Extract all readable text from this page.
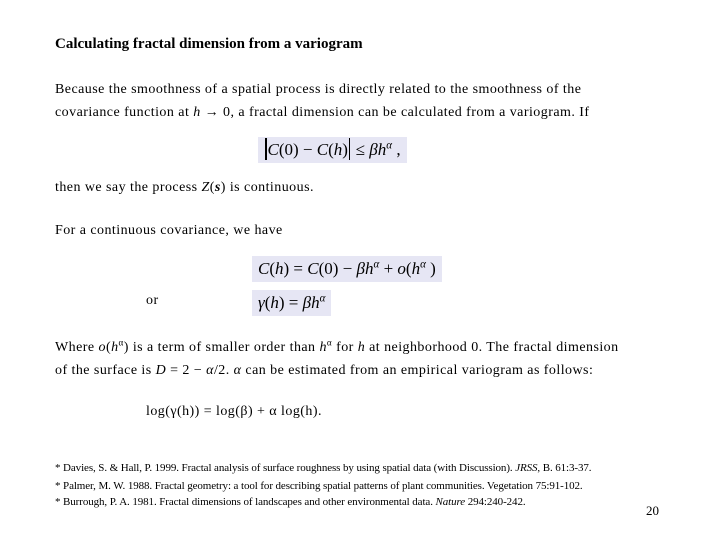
Calculating fractal dimension from a variogram
Because the smoothness of a spatial process is directly related to the smoothness of the
covariance function at h → 0, a fractal dimension can be calculated from a variogram. If
$C(0) - C(h) \le \beta h^\alpha$ ,
then we say the process Z(s) is continuous.
For a continuous covariance, we have
$C(h) = C(0) - \beta h^\alpha + o(h^\alpha$ )
or	$\gamma(h) = \beta h^\alpha$
Where $o(h^\alpha)$ is a term of smaller order than $h^\alpha$ for h at neighborhood 0. The fractal dimension
of the surface is D = 2 − α/2. α can be estimated from an empirical variogram as follows:
log(γ(h)) = log(β) + α log(h).
* Davies, S. & Hall, P. 1999. Fractal analysis of surface roughness by using spatial data (with Discussion). JRSS, B. 61:3-37.
* Palmer, M. W. 1988. Fractal geometry: a tool for describing spatial patterns of plant communities. Vegetation 75:91-102.
* Burrough, P. A. 1981. Fractal dimensions of landscapes and other environmental data. Nature 294:240-242.
20
